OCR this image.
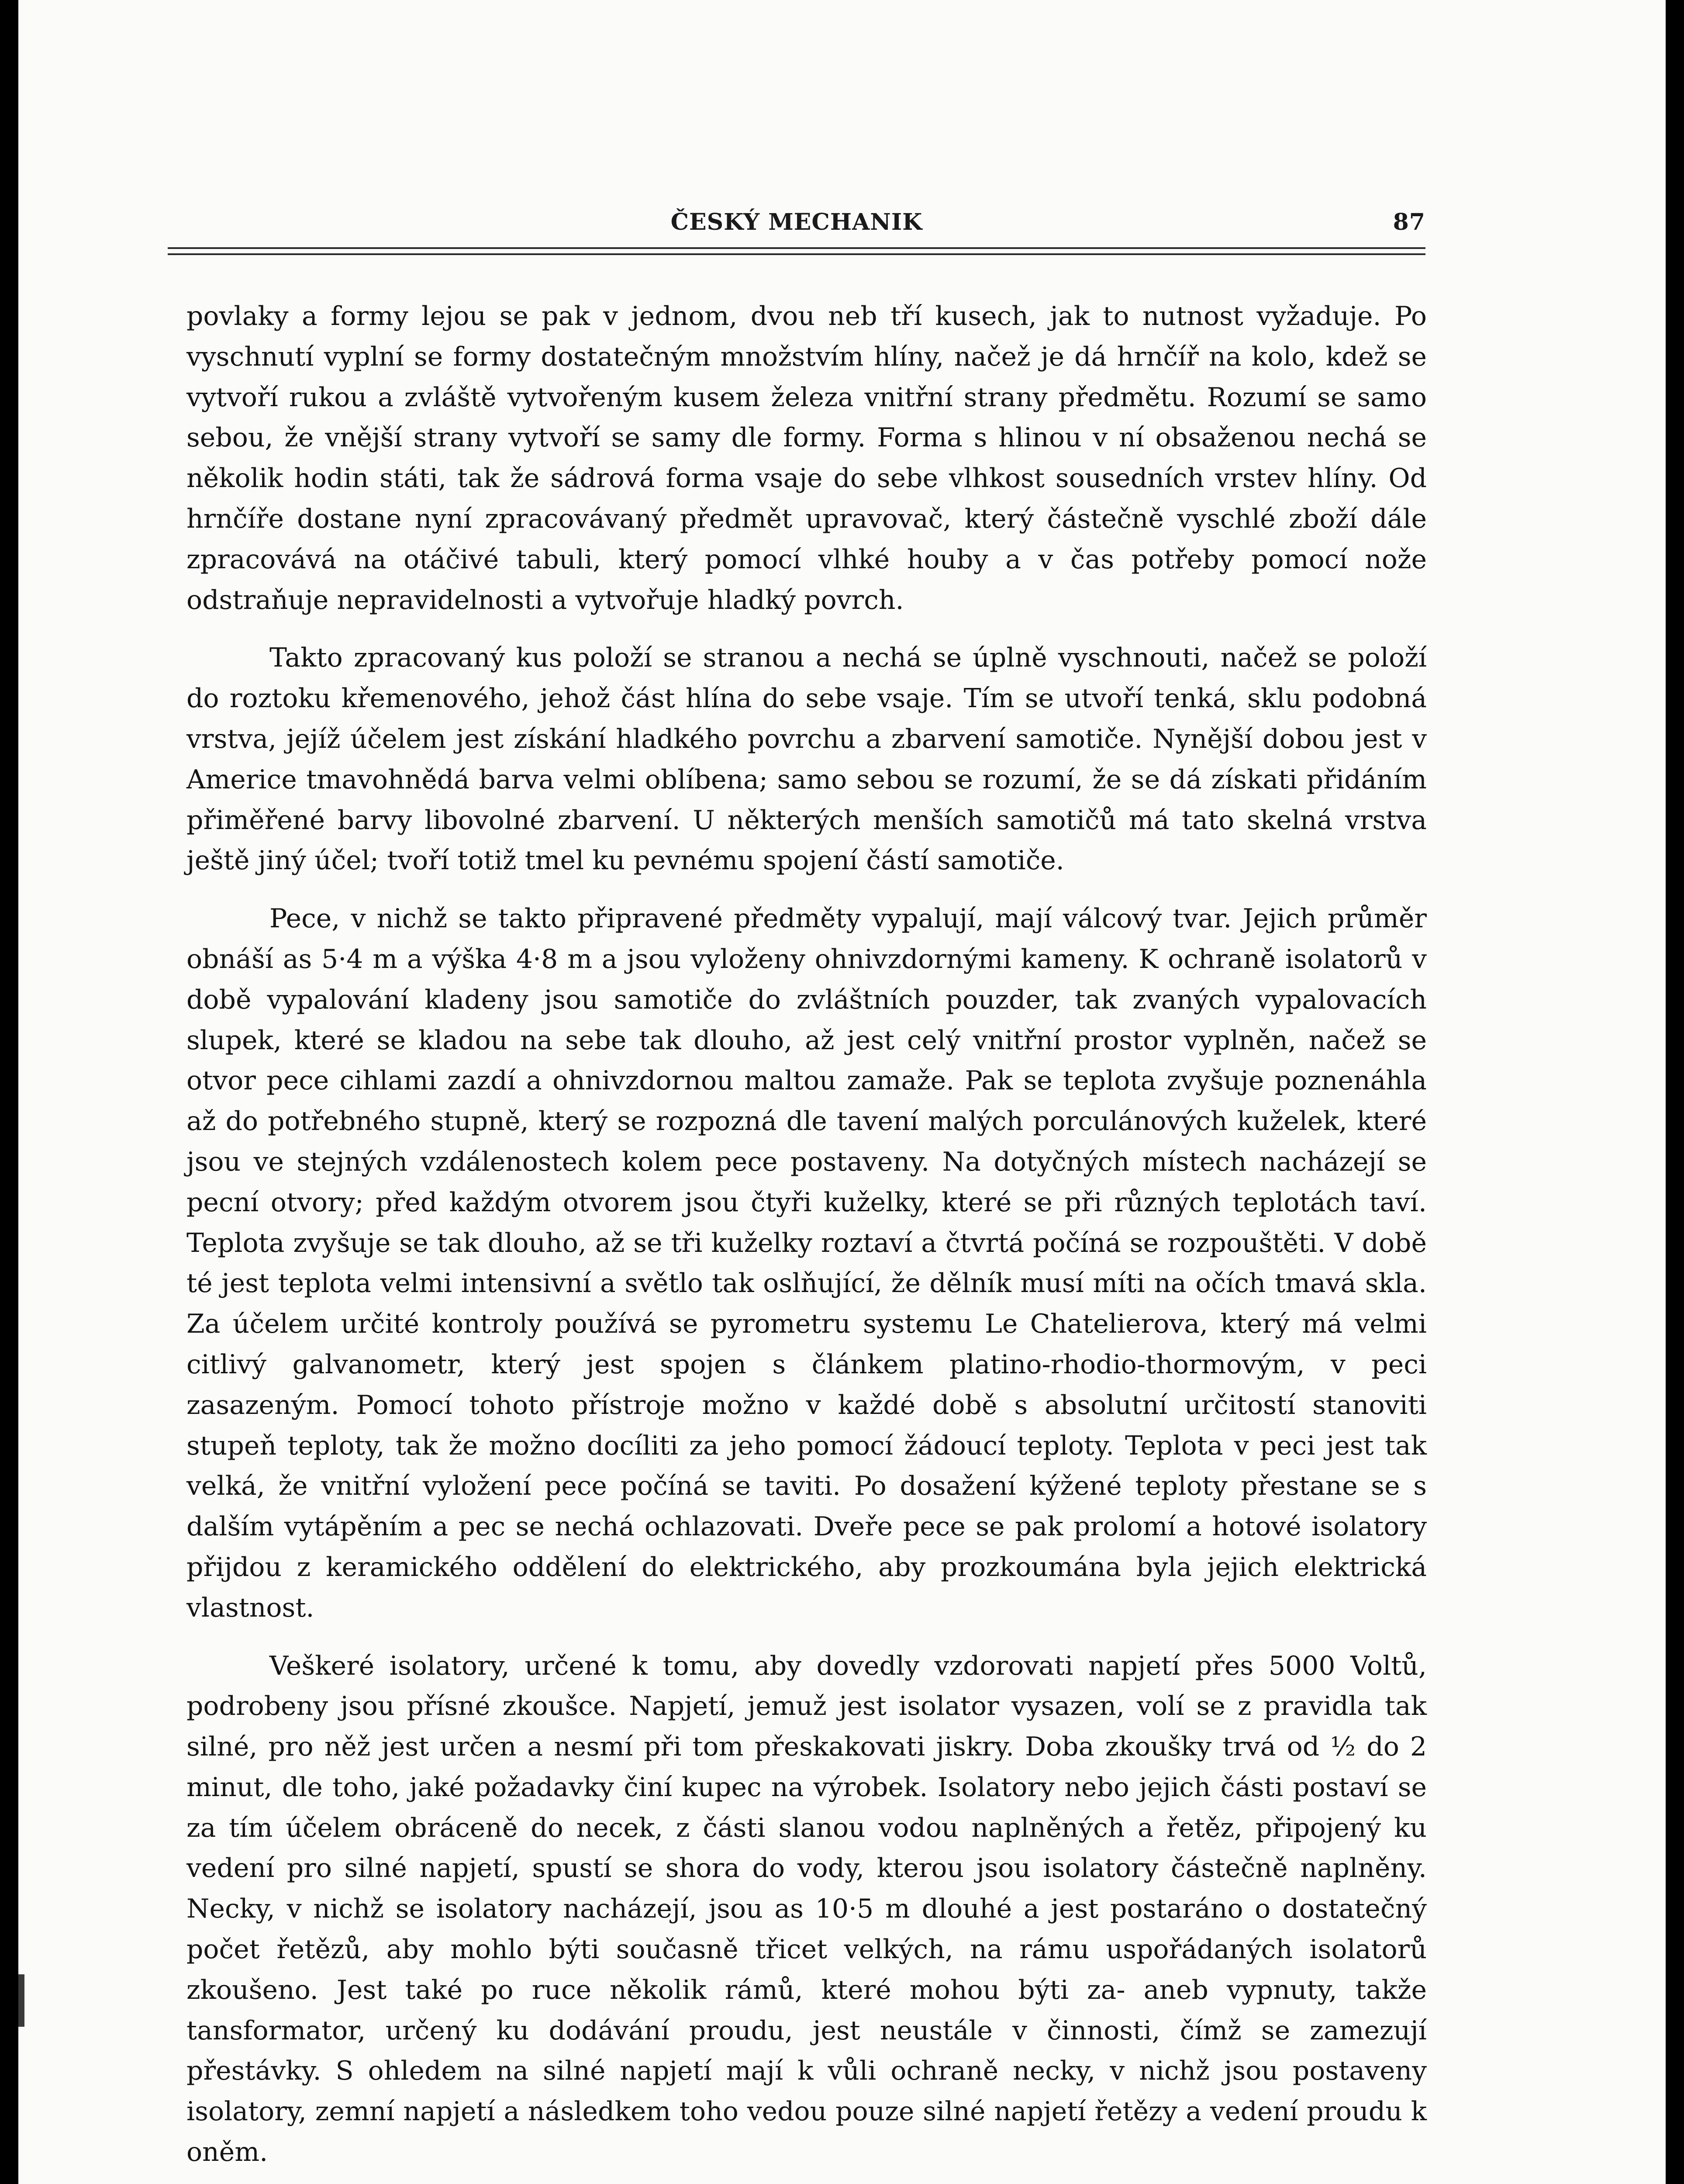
ČESKÝ MECHANIK	87

povlaky a formy lejou se pak v jednom, dvou neb tří kusech, jak to nutnost vyžaduje. Po vyschnutí vyplní se formy dostatečným množstvím hlíny, načež je dá hrnčíř na kolo, kdež se vytvoří rukou a zvláště vytvořeným kusem železa vnitřní strany předmětu. Rozumí se samo sebou, že vnější strany vytvoří se samy dle formy. Forma s hlinou v ní obsaženou nechá se několik hodin státi, tak že sádrová forma vsaje do sebe vlhkost sousedních vrstev hlíny. Od hrnčíře dostane nyní zpracovávaný předmět upravovač, který částečně vyschlé zboží dále zpracovává na otáčivé tabuli, který pomocí vlhké houby a v čas potřeby pomocí nože odstraňuje nepravidelnosti a vytvořuje hladký povrch.

Takto zpracovaný kus položí se stranou a nechá se úplně vyschnouti, načež se položí do roztoku křemenového, jehož část hlína do sebe vsaje. Tím se utvoří tenká, sklu podobná vrstva, jejíž účelem jest získání hladkého povrchu a zbarvení samotiče. Nynější dobou jest v Americe tmavohnědá barva velmi oblíbena; samo sebou se rozumí, že se dá získati přidáním přiměřené barvy libovolné zbarvení. U některých menších samotičů má tato skelná vrstva ještě jiný účel; tvoří totiž tmel ku pevnému spojení částí samotiče.

Pece, v nichž se takto připravené předměty vypalují, mají válcový tvar. Jejich průměr obnáší as 5·4 m a výška 4·8 m a jsou vyloženy ohnivzdornými kameny. K ochraně isolatorů v době vypalování kladeny jsou samotiče do zvláštních pouzder, tak zvaných vypalovacích slupek, které se kladou na sebe tak dlouho, až jest celý vnitřní prostor vyplněn, načež se otvor pece cihlami zazdí a ohnivzdornou maltou zamaže. Pak se teplota zvyšuje poznenáhla až do potřebného stupně, který se rozpozná dle tavení malých porculánových kuželek, které jsou ve stejných vzdálenostech kolem pece postaveny. Na dotyčných místech nacházejí se pecní otvory; před každým otvorem jsou čtyři kuželky, které se při různých teplotách taví. Teplota zvyšuje se tak dlouho, až se tři kuželky roztaví a čtvrtá počíná se rozpouštěti. V době té jest teplota velmi intensivní a světlo tak oslňující, že dělník musí míti na očích tmavá skla. Za účelem určité kontroly používá se pyrometru systemu Le Chatelierova, který má velmi citlivý galvanometr, který jest spojen s článkem platino-rhodio-thormovým, v peci zasazeným. Pomocí tohoto přístroje možno v každé době s absolutní určitostí stanoviti stupeň teploty, tak že možno docíliti za jeho pomocí žádoucí teploty. Teplota v peci jest tak velká, že vnitřní vyložení pece počíná se taviti. Po dosažení kýžené teploty přestane se s dalším vytápěním a pec se nechá ochlazovati. Dveře pece se pak prolomí a hotové isolatory přijdou z keramického oddělení do elektrického, aby prozkoumána byla jejich elektrická vlastnost.

Veškeré isolatory, určené k tomu, aby dovedly vzdorovati napjetí přes 5000 Voltů, podrobeny jsou přísné zkoušce. Napjetí, jemuž jest isolator vysazen, volí se z pravidla tak silné, pro něž jest určen a nesmí při tom přeskakovati jiskry. Doba zkoušky trvá od ½ do 2 minut, dle toho, jaké požadavky činí kupec na výrobek. Isolatory nebo jejich části postaví se za tím účelem obráceně do necek, z části slanou vodou naplněných a řetěz, připojený ku vedení pro silné napjetí, spustí se shora do vody, kterou jsou isolatory částečně naplněny. Necky, v nichž se isolatory nacházejí, jsou as 10·5 m dlouhé a jest postaráno o dostatečný počet řetězů, aby mohlo býti současně třicet velkých, na rámu uspořádaných isolatorů zkoušeno. Jest také po ruce několik rámů, které mohou býti za- aneb vypnuty, takže tansformator, určený ku dodávání proudu, jest neustále v činnosti, čímž se zamezují přestávky. S ohledem na silné napjetí mají k vůli ochraně necky, v nichž jsou postaveny isolatory, zemní napjetí a následkem toho vedou pouze silné napjetí řetězy a vedení proudu k oněm.
